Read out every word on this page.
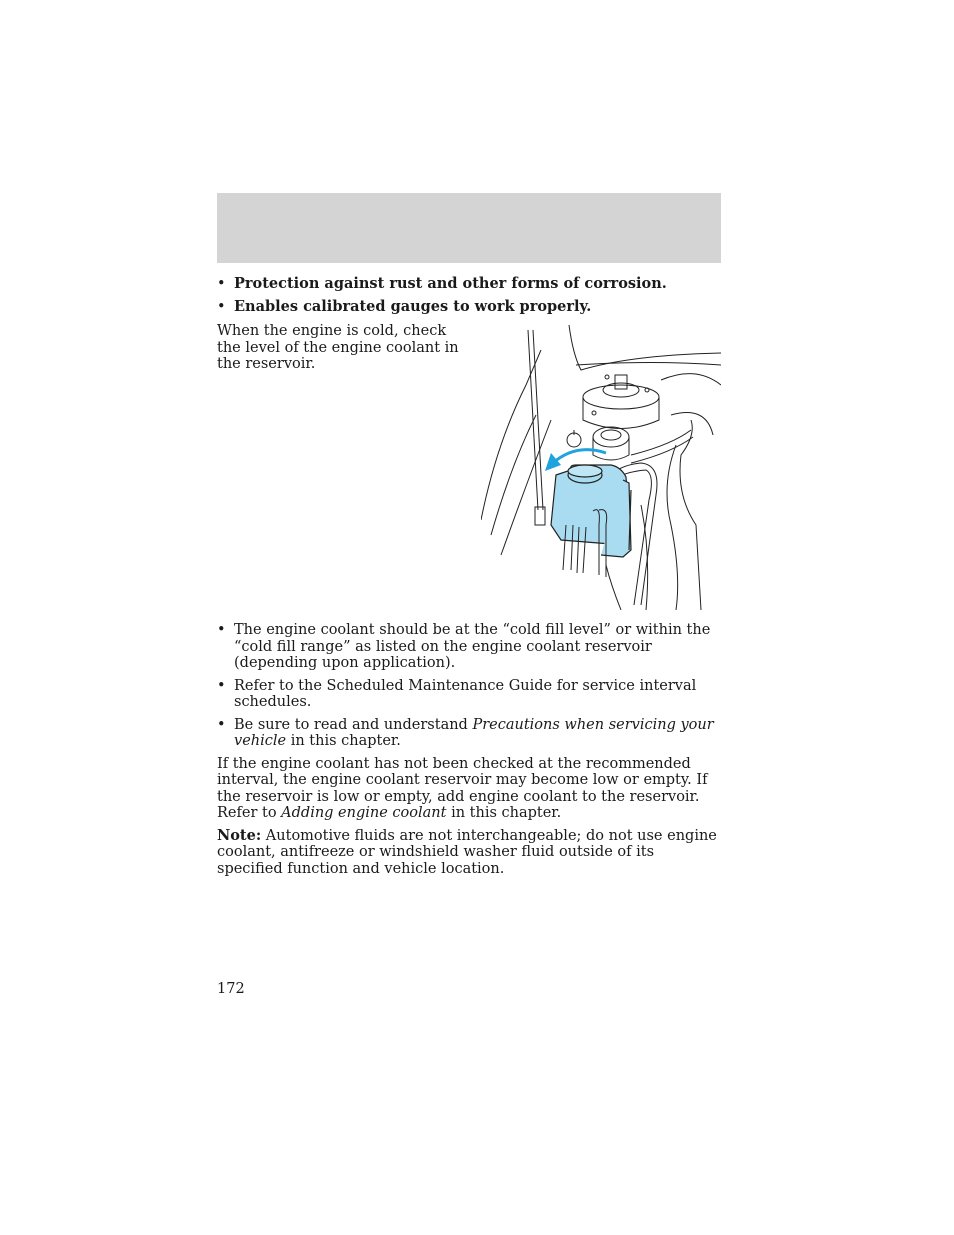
• Protection against rust and other forms of corrosion.
• Enables calibrated gauges to work properly.
When the engine is cold, check the level of the engine coolant in the reservoir.
• The engine coolant should be at the “cold fill level” or within the “cold fill range” as listed on the engine coolant reservoir (depending upon application).
• Refer to the Scheduled Maintenance Guide for service interval schedules.
• Be sure to read and understand Precautions when servicing your vehicle in this chapter.

If the engine coolant has not been checked at the recommended interval, the engine coolant reservoir may become low or empty. If the reservoir is low or empty, add engine coolant to the reservoir. Refer to Adding engine coolant in this chapter.

Note: Automotive fluids are not interchangeable; do not use engine coolant, antifreeze or windshield washer fluid outside of its specified function and vehicle location.

172
